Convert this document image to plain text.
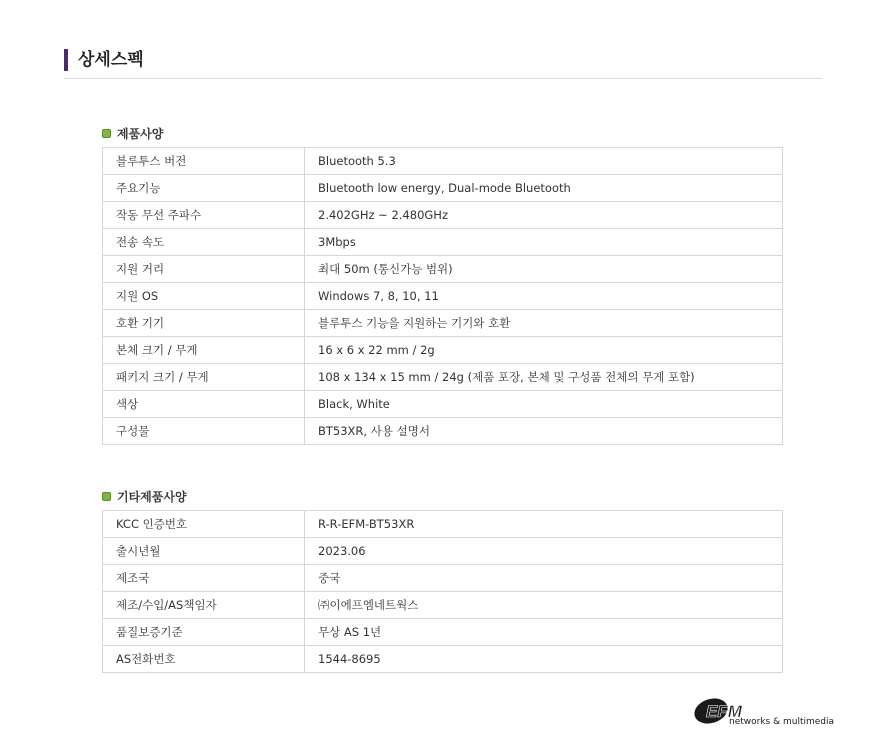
상세스펙
제품사양
블루투스 버전	Bluetooth 5.3
주요기능	Bluetooth low energy, Dual-mode Bluetooth
작동 무선 주파수	2.402GHz ~ 2.480GHz
전송 속도	3Mbps
지원 거리	최대 50m (통신가능 범위)
지원 OS	Windows 7, 8, 10, 11
호환 기기	블루투스 기능을 지원하는 기기와 호환
본체 크기 / 무게	16 x 6 x 22 mm / 2g
패키지 크기 / 무게	108 x 134 x 15 mm / 24g (제품 포장, 본체 및 구성품 전체의 무게 포함)
색상	Black, White
구성물	BT53XR, 사용 설명서
기타제품사양
KCC 인증번호	R-R-EFM-BT53XR
출시년월	2023.06
제조국	중국
제조/수입/AS책임자	㈜이에프엠네트웍스
품질보증기준	무상 AS 1년
AS전화번호	1544-8695
EFM
networks & multimedia
